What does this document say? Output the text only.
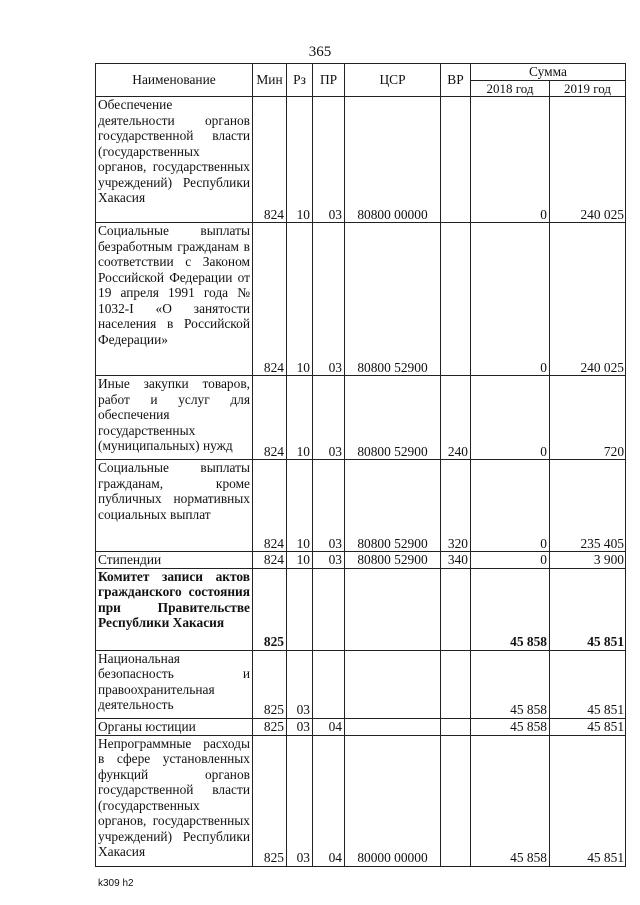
365
Наименование	Мин	Рз	ПР	ЦСР	ВР	Сумма	
						2018 год	2019 год
Обеспечение деятельности органов государственной власти (государственных органов, государственных учреждений) Республики Хакасия	824	10	03	80800 00000		0	240 025
Социальные выплаты безработным гражданам в соответствии с Законом Российской Федерации от 19 апреля 1991 года № 1032-I «О занятости населения в Российской Федерации»	824	10	03	80800 52900		0	240 025
Иные закупки товаров, работ и услуг для обеспечения государственных (муниципальных) нужд	824	10	03	80800 52900	240	0	720
Социальные выплаты гражданам, кроме публичных нормативных социальных выплат	824	10	03	80800 52900	320	0	235 405
Стипендии	824	10	03	80800 52900	340	0	3 900
Комитет записи актов гражданского состояния при Правительстве Республики Хакасия	825					45 858	45 851
Национальная безопасность и правоохранительная деятельность	825	03				45 858	45 851
Органы юстиции	825	03	04			45 858	45 851
Непрограммные расходы в сфере установленных функций органов государственной власти (государственных органов, государственных учреждений) Республики Хакасия	825	03	04	80000 00000		45 858	45 851
k309 h2
